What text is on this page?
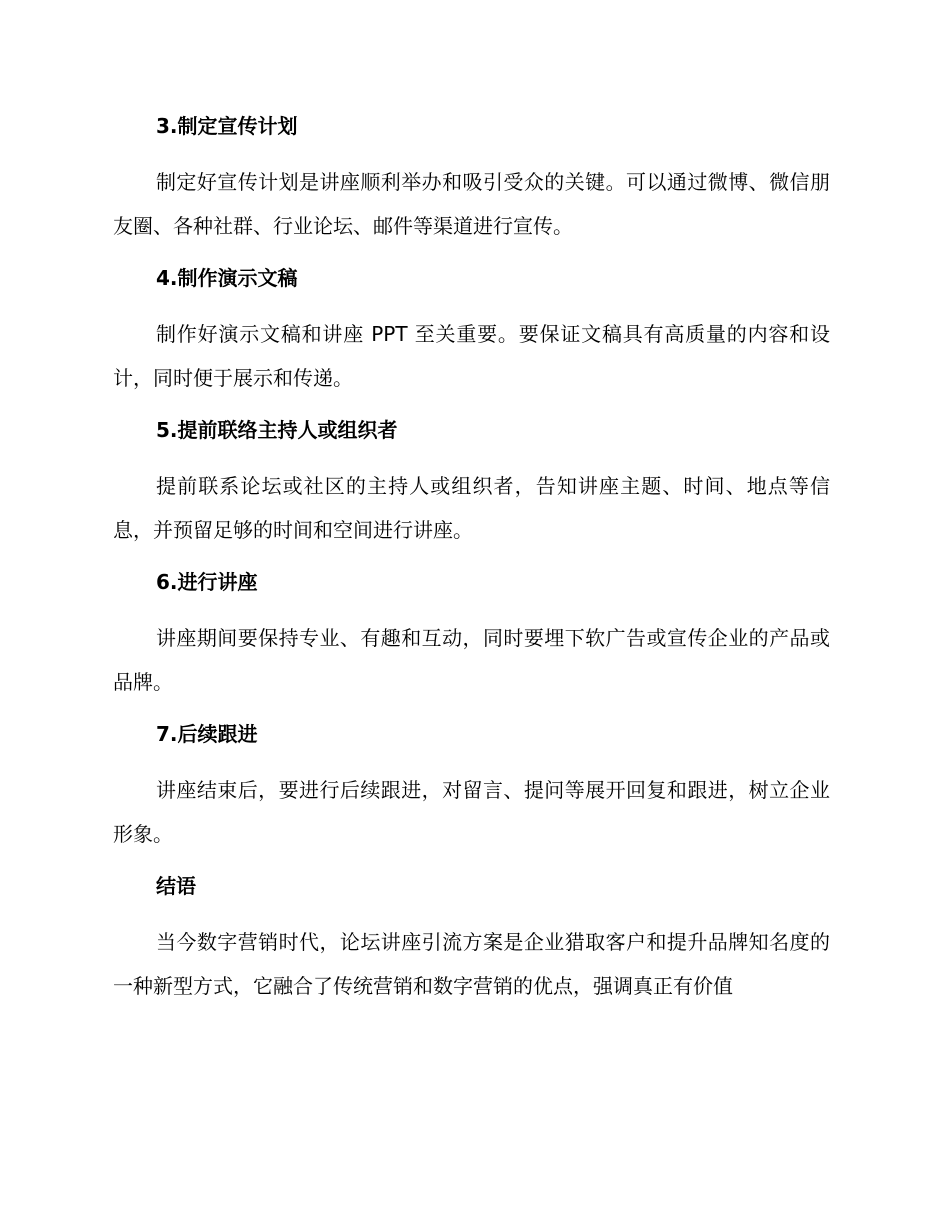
3.制定宣传计划

制定好宣传计划是讲座顺利举办和吸引受众的关键。可以通过微博、微信朋友圈、各种社群、行业论坛、邮件等渠道进行宣传。

4.制作演示文稿

制作好演示文稿和讲座 PPT 至关重要。要保证文稿具有高质量的内容和设计，同时便于展示和传递。

5.提前联络主持人或组织者

提前联系论坛或社区的主持人或组织者，告知讲座主题、时间、地点等信息，并预留足够的时间和空间进行讲座。

6.进行讲座

讲座期间要保持专业、有趣和互动，同时要埋下软广告或宣传企业的产品或品牌。

7.后续跟进

讲座结束后，要进行后续跟进，对留言、提问等展开回复和跟进，树立企业形象。

结语

当今数字营销时代，论坛讲座引流方案是企业猎取客户和提升品牌知名度的一种新型方式，它融合了传统营销和数字营销的优点，强调真正有价值
